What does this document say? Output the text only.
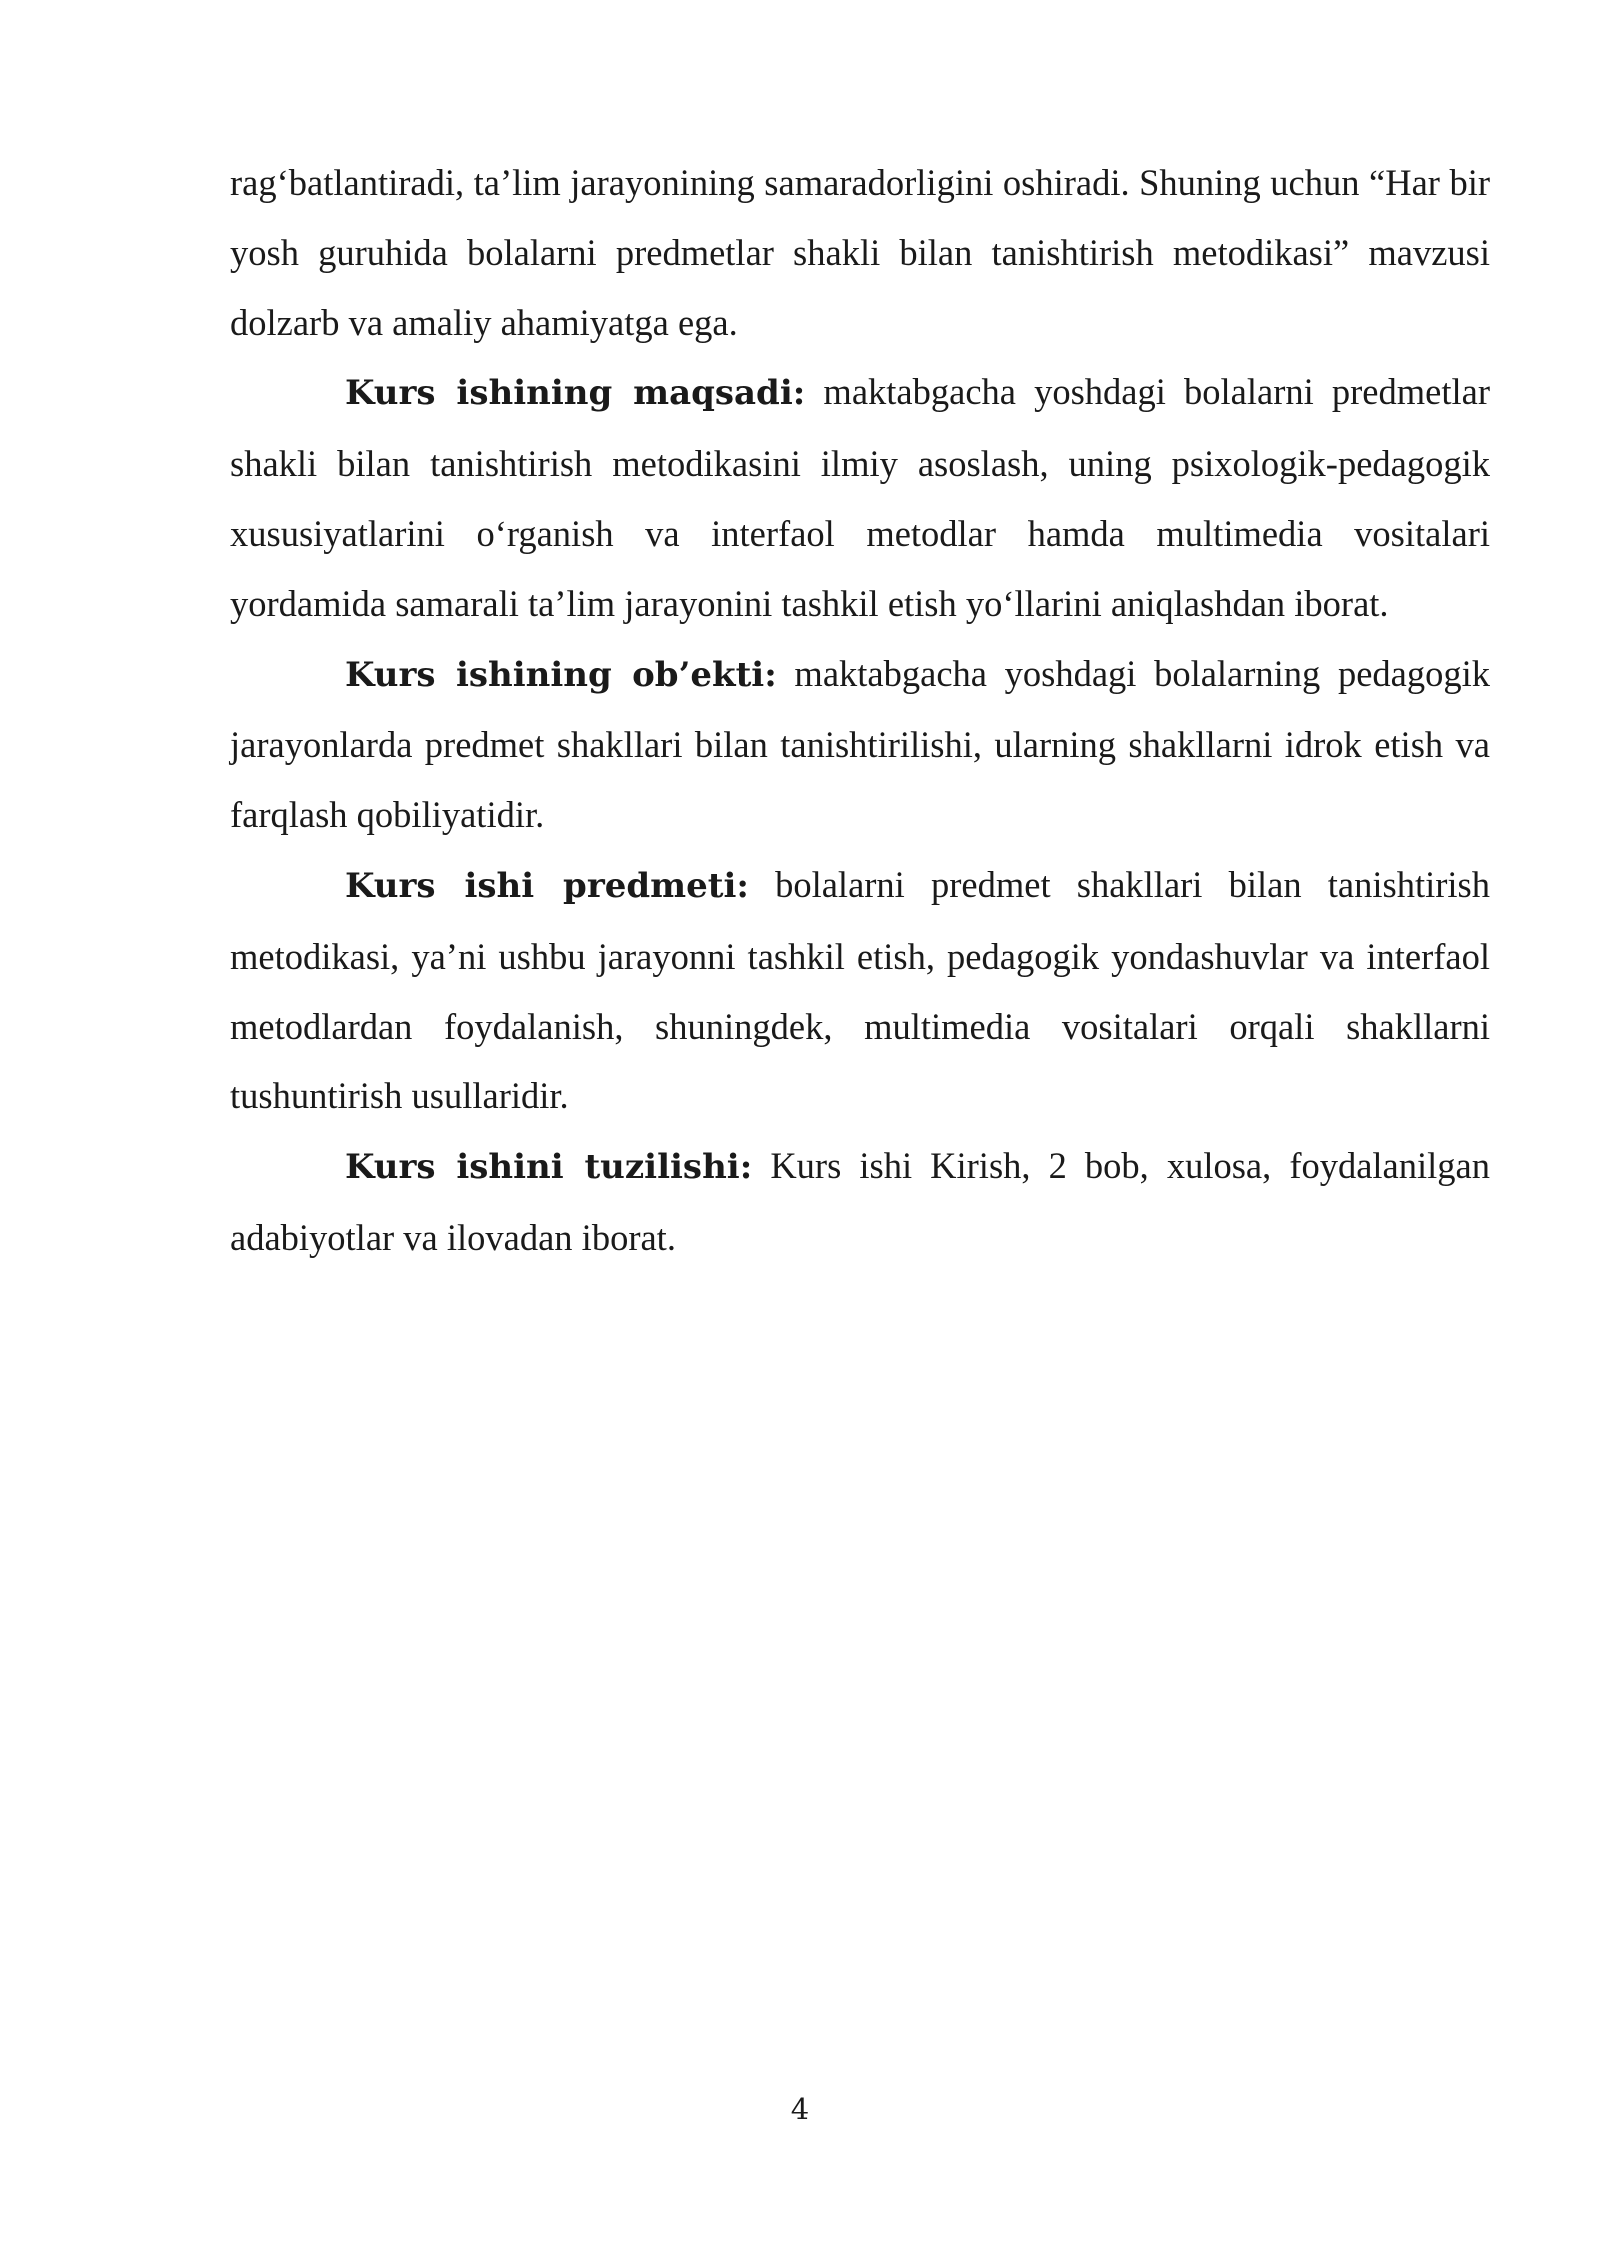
rag‘batlantiradi, ta’lim jarayonining samaradorligini oshiradi. Shuning uchun “Har bir yosh guruhida bolalarni predmetlar shakli bilan tanishtirish metodikasi” mavzusi dolzarb va amaliy ahamiyatga ega.

Kurs ishining maqsadi: maktabgacha yoshdagi bolalarni predmetlar shakli bilan tanishtirish metodikasini ilmiy asoslash, uning psixologik-pedagogik xususiyatlarini o‘rganish va interfaol metodlar hamda multimedia vositalari yordamida samarali ta’lim jarayonini tashkil etish yo‘llarini aniqlashdan iborat.

Kurs ishining ob’ekti: maktabgacha yoshdagi bolalarning pedagogik jarayonlarda predmet shakllari bilan tanishtirilishi, ularning shakllarni idrok etish va farqlash qobiliyatidir.

Kurs ishi predmeti: bolalarni predmet shakllari bilan tanishtirish metodikasi, ya’ni ushbu jarayonni tashkil etish, pedagogik yondashuvlar va interfaol metodlardan foydalanish, shuningdek, multimedia vositalari orqali shakllarni tushuntirish usullaridir.

Kurs ishini tuzilishi: Kurs ishi Kirish, 2 bob, xulosa, foydalanilgan adabiyotlar va ilovadan iborat.

4
